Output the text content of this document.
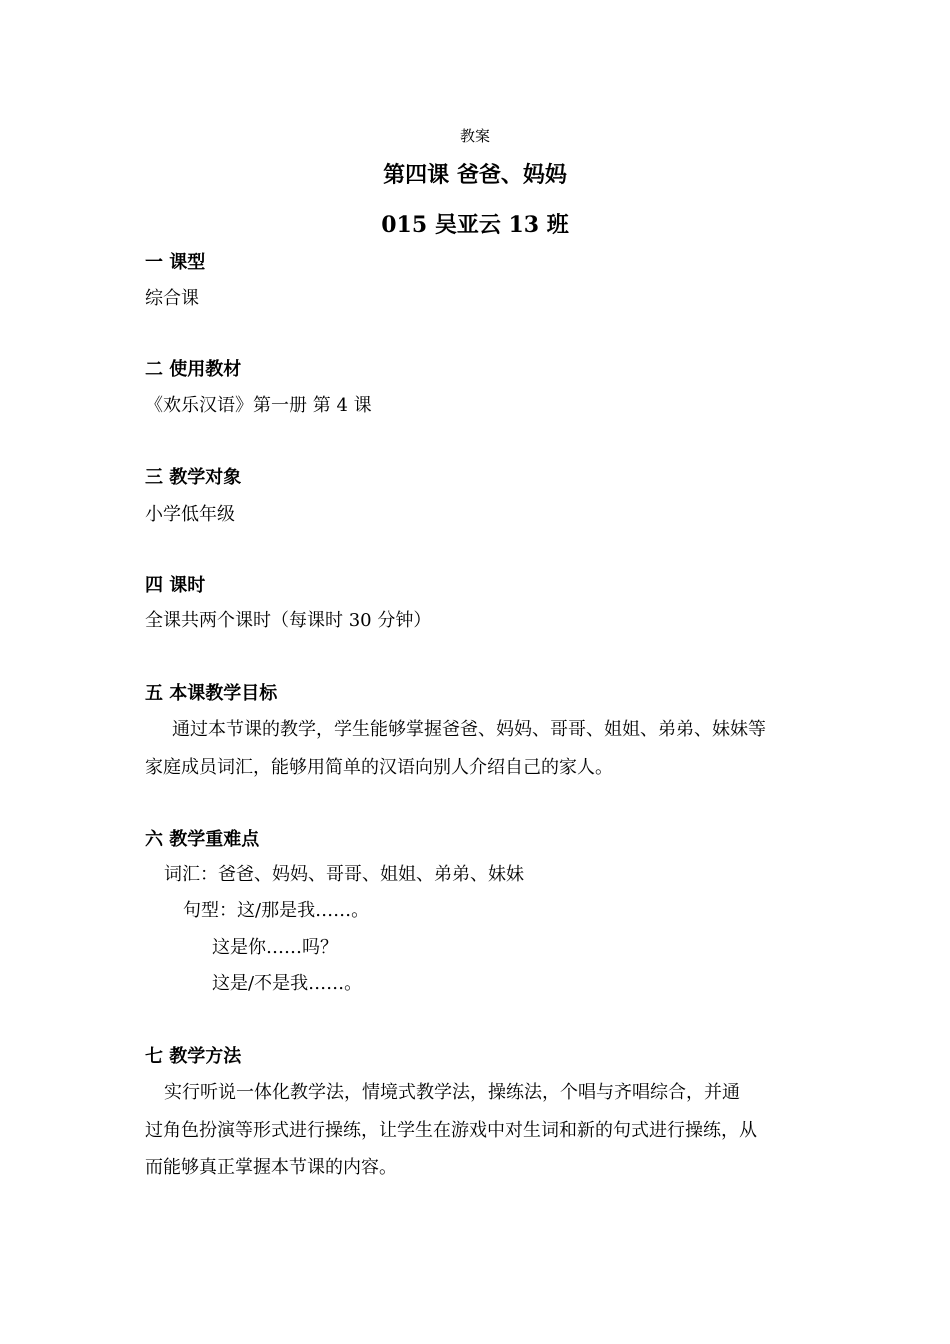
教案
第四课 爸爸、妈妈
015 吴亚云 13 班
一 课型
综合课
二 使用教材
《欢乐汉语》第一册 第 4 课
三 教学对象
小学低年级
四 课时
全课共两个课时（每课时 30 分钟）
五 本课教学目标
通过本节课的教学，学生能够掌握爸爸、妈妈、哥哥、姐姐、弟弟、妹妹等
家庭成员词汇，能够用简单的汉语向别人介绍自己的家人。
六 教学重难点
词汇：爸爸、妈妈、哥哥、姐姐、弟弟、妹妹
句型：这/那是我……。
这是你……吗？
这是/不是我……。
七 教学方法
实行听说一体化教学法，情境式教学法，操练法，个唱与齐唱综合，并通
过角色扮演等形式进行操练，让学生在游戏中对生词和新的句式进行操练，从
而能够真正掌握本节课的内容。
